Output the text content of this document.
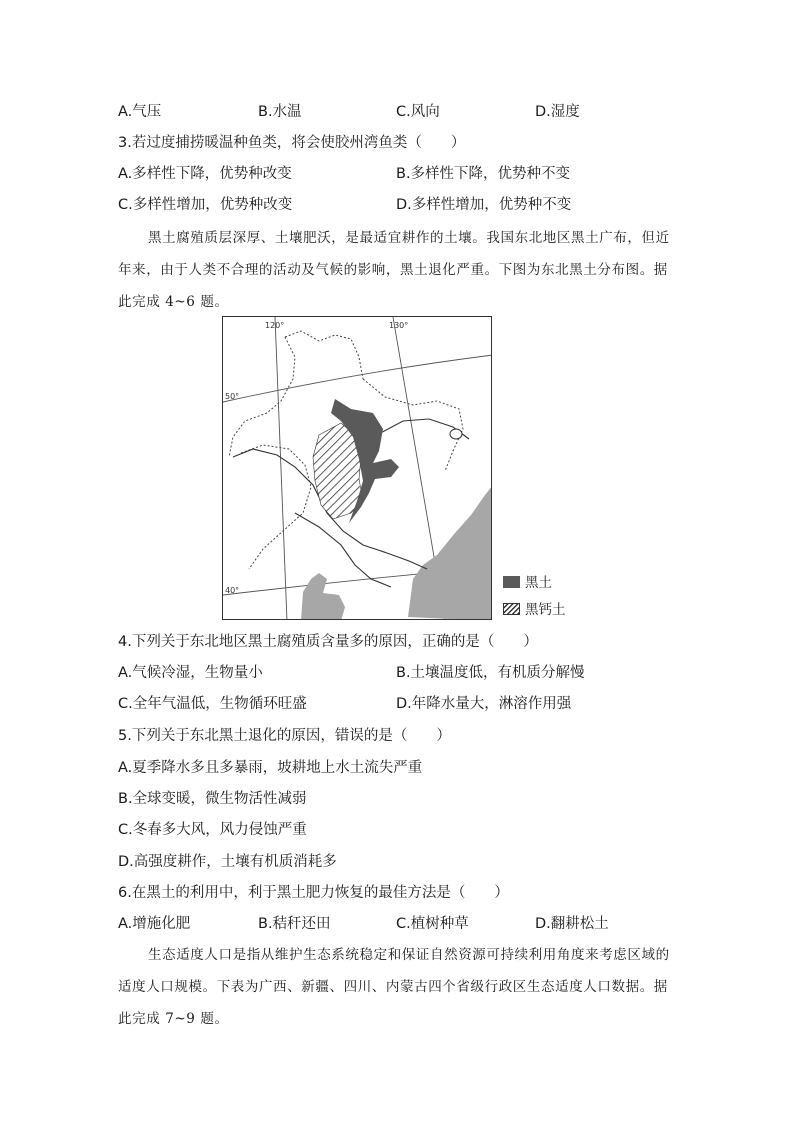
A.气压	B.水温	C.风向	D.湿度
3.若过度捕捞暖温种鱼类，将会使胶州湾鱼类（　　）
A.多样性下降，优势种改变	B.多样性下降，优势种不变
C.多样性增加，优势种改变	D.多样性增加，优势种不变
黑土腐殖质层深厚、土壤肥沃，是最适宜耕作的土壤。我国东北地区黑土广布，但近年来，由于人类不合理的活动及气候的影响，黑土退化严重。下图为东北黑土分布图。据此完成 4~6 题。
120°	130°
50°
40°	黑土
黑钙土
4.下列关于东北地区黑土腐殖质含量多的原因，正确的是（　　）
A.气候冷湿，生物量小	B.土壤温度低，有机质分解慢
C.全年气温低，生物循环旺盛	D.年降水量大，淋溶作用强
5.下列关于东北黑土退化的原因，错误的是（　　）
A.夏季降水多且多暴雨，坡耕地上水土流失严重
B.全球变暖，微生物活性减弱
C.冬春多大风，风力侵蚀严重
D.高强度耕作，土壤有机质消耗多
6.在黑土的利用中，利于黑土肥力恢复的最佳方法是（　　）
A.增施化肥	B.秸秆还田	C.植树种草	D.翻耕松土
生态适度人口是指从维护生态系统稳定和保证自然资源可持续利用角度来考虑区域的适度人口规模。下表为广西、新疆、四川、内蒙古四个省级行政区生态适度人口数据。据此完成 7~9 题。
